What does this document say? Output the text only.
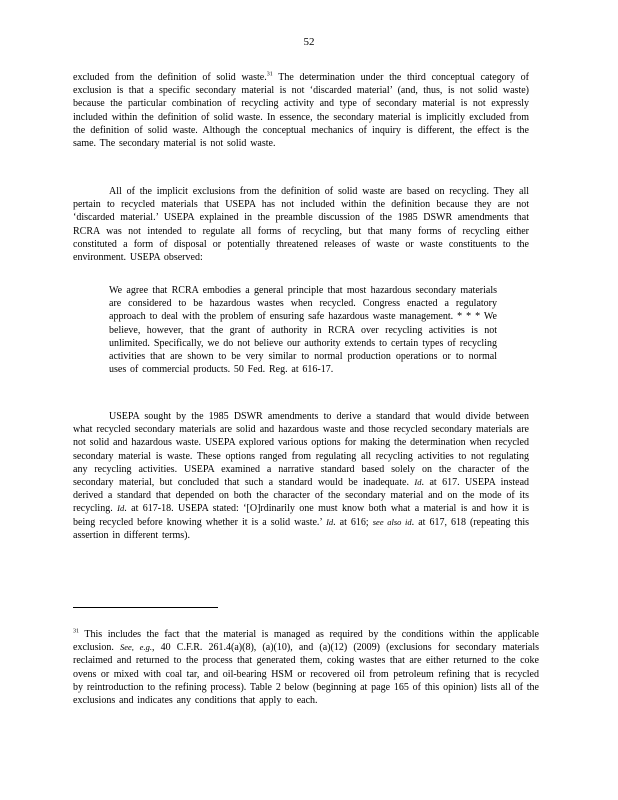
52

excluded from the definition of solid waste.$^{31}$ The determination under the third conceptual category of exclusion is that a specific secondary material is not ‘discarded material’ (and, thus, is not solid waste) because the particular combination of recycling activity and type of secondary material is not expressly included within the definition of solid waste. In essence, the secondary material is implicitly excluded from the definition of solid waste. Although the conceptual mechanics of inquiry is different, the effect is the same. The secondary material is not solid waste.

All of the implicit exclusions from the definition of solid waste are based on recycling. They all pertain to recycled materials that USEPA has not included within the definition because they are not ‘discarded material.’ USEPA explained in the preamble discussion of the 1985 DSWR amendments that RCRA was not intended to regulate all forms of recycling, but that many forms of recycling either constituted a form of disposal or potentially threatened releases of waste or waste constituents to the environment. USEPA observed:

We agree that RCRA embodies a general principle that most hazardous secondary materials are considered to be hazardous wastes when recycled. Congress enacted a regulatory approach to deal with the problem of ensuring safe hazardous waste management. * * * We believe, however, that the grant of authority in RCRA over recycling activities is not unlimited. Specifically, we do not believe our authority extends to certain types of recycling activities that are shown to be very similar to normal production operations or to normal uses of commercial products. 50 Fed. Reg. at 616-17.

USEPA sought by the 1985 DSWR amendments to derive a standard that would divide between what recycled secondary materials are solid and hazardous waste and those recycled secondary materials are not solid and hazardous waste. USEPA explored various options for making the determination when recycled secondary material is waste. These options ranged from regulating all recycling activities to not regulating any recycling activities. USEPA examined a narrative standard based solely on the character of the secondary material, but concluded that such a standard would be inadequate. Id. at 617. USEPA instead derived a standard that depended on both the character of the secondary material and on the mode of its recycling. Id. at 617-18. USEPA stated: ‘[O]rdinarily one must know both what a material is and how it is being recycled before knowing whether it is a solid waste.’ Id. at 616; see also id. at 617, 618 (repeating this assertion in different terms).

$^{31}$ This includes the fact that the material is managed as required by the conditions within the applicable exclusion. See, e.g., 40 C.F.R. 261.4(a)(8), (a)(10), and (a)(12) (2009) (exclusions for secondary materials reclaimed and returned to the process that generated them, coking wastes that are either returned to the coke ovens or mixed with coal tar, and oil-bearing HSM or recovered oil from petroleum refining that is recycled by reintroduction to the refining process). Table 2 below (beginning at page 165 of this opinion) lists all of the exclusions and indicates any conditions that apply to each.
